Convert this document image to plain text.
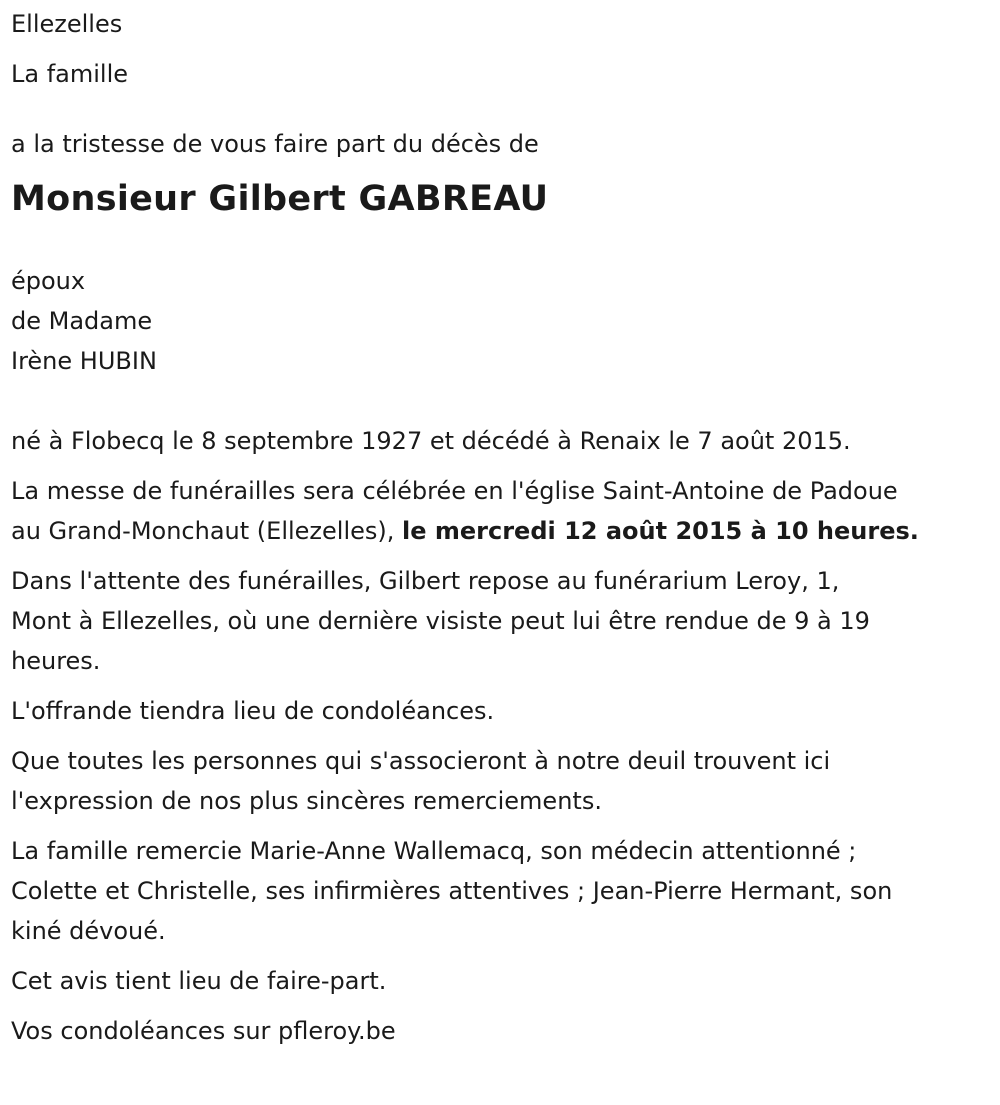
Ellezelles

La famille

a la tristesse de vous faire part du décès de

Monsieur Gilbert GABREAU
époux
de Madame
Irène HUBIN

né à Flobecq le 8 septembre 1927 et décédé à Renaix le 7 août 2015.

La messe de funérailles sera célébrée en l'église Saint-Antoine de Padoue
au Grand-Monchaut (Ellezelles), le mercredi 12 août 2015 à 10 heures.
Dans l'attente des funérailles, Gilbert repose au funérarium Leroy, 1,
Mont à Ellezelles, où une dernière visiste peut lui être rendue de 9 à 19
heures.

L'offrande tiendra lieu de condoléances.

Que toutes les personnes qui s'associeront à notre deuil trouvent ici
l'expression de nos plus sincères remerciements.
La famille remercie Marie-Anne Wallemacq, son médecin attentionné ;
Colette et Christelle, ses infirmières attentives ; Jean-Pierre Hermant, son
kiné dévoué.

Cet avis tient lieu de faire-part.

Vos condoléances sur pfleroy.be
